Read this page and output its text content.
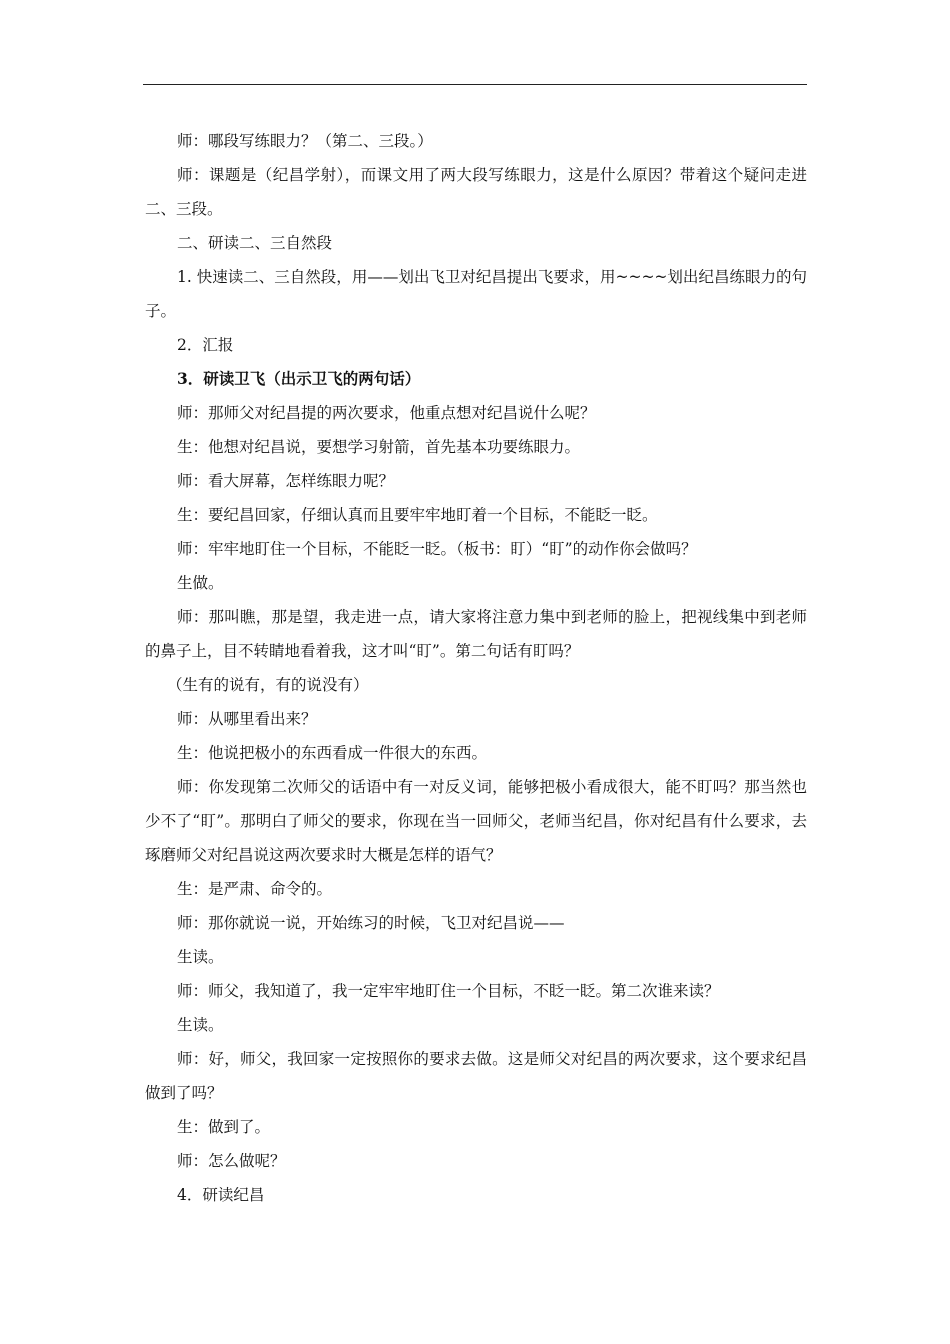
师：哪段写练眼力？（第二、三段。）

师：课题是（纪昌学射），而课文用了两大段写练眼力，这是什么原因？带着这个疑问走进二、三段。

二、研读二、三自然段

1. 快速读二、三自然段，用——划出飞卫对纪昌提出飞要求，用~~~~划出纪昌练眼力的句子。

2．汇报

3．研读卫飞（出示卫飞的两句话）

师：那师父对纪昌提的两次要求，他重点想对纪昌说什么呢？

生：他想对纪昌说，要想学习射箭，首先基本功要练眼力。

师：看大屏幕，怎样练眼力呢？

生：要纪昌回家，仔细认真而且要牢牢地盯着一个目标，不能眨一眨。

师：牢牢地盯住一个目标，不能眨一眨。（板书：盯）“盯”的动作你会做吗？

生做。

师：那叫瞧，那是望，我走进一点，请大家将注意力集中到老师的脸上，把视线集中到老师的鼻子上，目不转睛地看着我，这才叫“盯”。第二句话有盯吗？

（生有的说有，有的说没有）

师：从哪里看出来？

生：他说把极小的东西看成一件很大的东西。

师：你发现第二次师父的话语中有一对反义词，能够把极小看成很大，能不盯吗？那当然也少不了“盯”。那明白了师父的要求，你现在当一回师父，老师当纪昌，你对纪昌有什么要求，去琢磨师父对纪昌说这两次要求时大概是怎样的语气？

生：是严肃、命令的。

师：那你就说一说，开始练习的时候，飞卫对纪昌说——

生读。

师：师父，我知道了，我一定牢牢地盯住一个目标，不眨一眨。第二次谁来读？

生读。

师：好，师父，我回家一定按照你的要求去做。这是师父对纪昌的两次要求，这个要求纪昌做到了吗？

生：做到了。

师：怎么做呢？

4．研读纪昌
